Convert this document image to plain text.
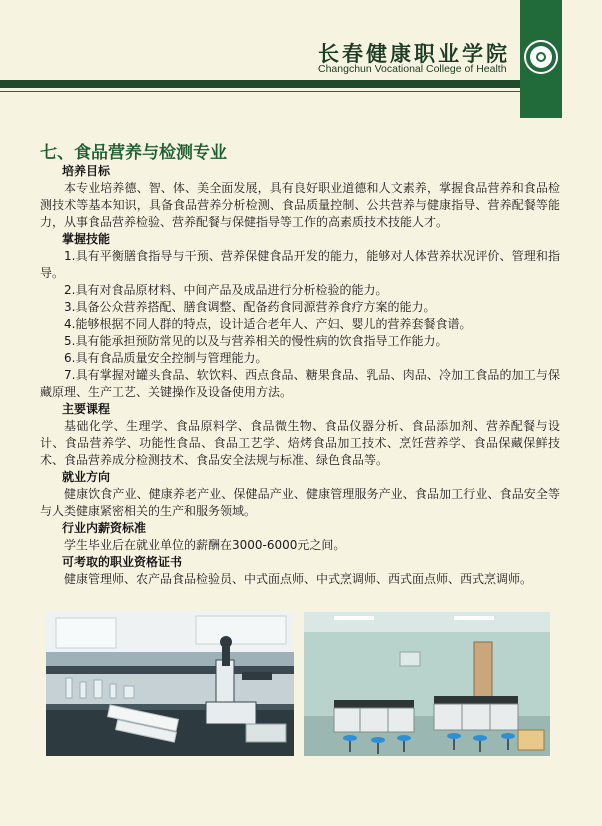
长春健康职业学院
Changchun Vocational College of Health
七、食品营养与检测专业
培养目标
本专业培养德、智、体、美全面发展，具有良好职业道德和人文素养，掌握食品营养和食品检测技术等基本知识，具备食品营养分析检测、食品质量控制、公共营养与健康指导、营养配餐等能力，从事食品营养检验、营养配餐与保健指导等工作的高素质技术技能人才。
掌握技能
1.具有平衡膳食指导与干预、营养保健食品开发的能力，能够对人体营养状况评价、管理和指导。
2.具有对食品原材料、中间产品及成品进行分析检验的能力。
3.具备公众营养搭配、膳食调整、配备药食同源营养食疗方案的能力。
4.能够根据不同人群的特点，设计适合老年人、产妇、婴儿的营养套餐食谱。
5.具有能承担预防常见的以及与营养相关的慢性病的饮食指导工作能力。
6.具有食品质量安全控制与管理能力。
7.具有掌握对罐头食品、软饮料、西点食品、糖果食品、乳品、肉品、冷加工食品的加工与保藏原理、生产工艺、关键操作及设备使用方法。
主要课程
基础化学、生理学、食品原料学、食品微生物、食品仪器分析、食品添加剂、营养配餐与设计、食品营养学、功能性食品、食品工艺学、焙烤食品加工技术、烹饪营养学、食品保藏保鲜技术、食品营养成分检测技术、食品安全法规与标准、绿色食品等。
就业方向
健康饮食产业、健康养老产业、保健品产业、健康管理服务产业、食品加工行业、食品安全等与人类健康紧密相关的生产和服务领域。
行业内薪资标准
学生毕业后在就业单位的薪酬在3000-6000元之间。
可考取的职业资格证书
健康管理师、农产品食品检验员、中式面点师、中式烹调师、西式面点师、西式烹调师。
